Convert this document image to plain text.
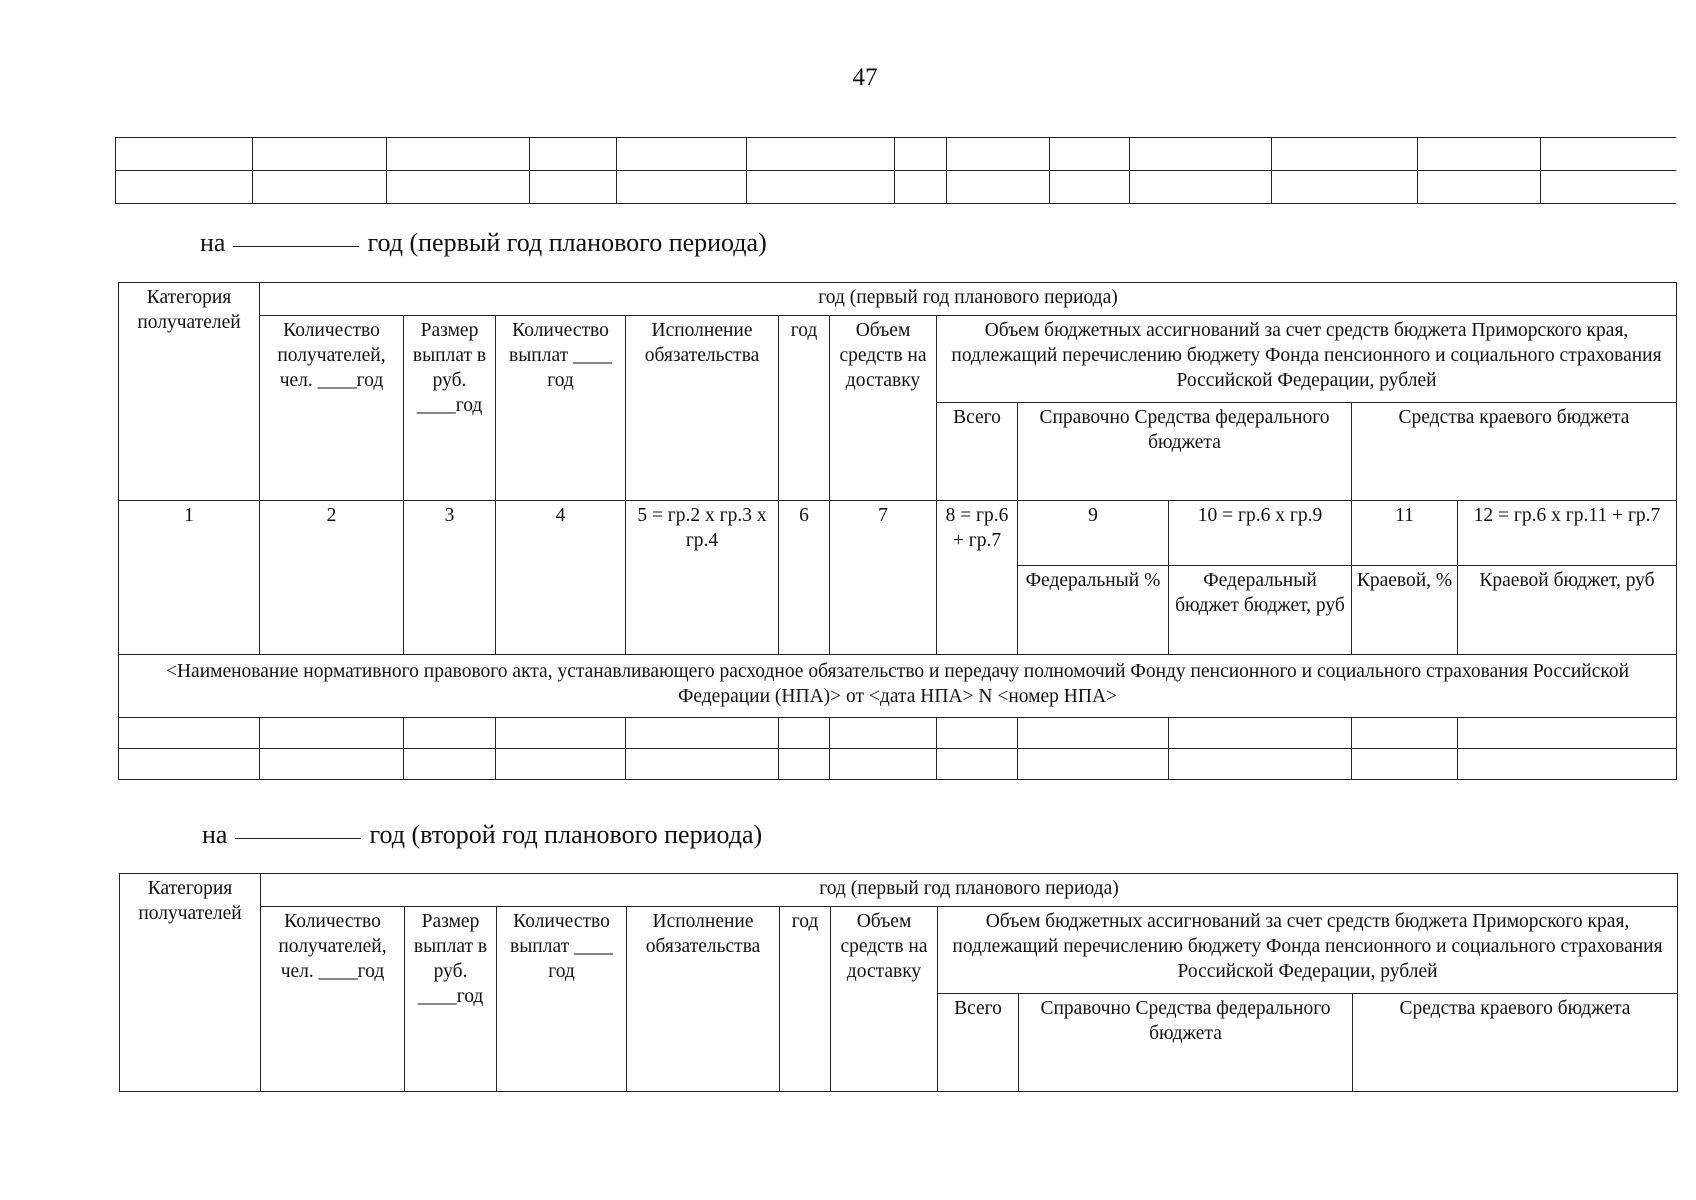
47

на	год (первый год планового периода)
Категория получателей	год (первый год планового периода)										
	Количество получателей, чел. ____год	Размер выплат в руб. ____год	Количество выплат ____ год	Исполнение обязательства	год	Объем средств на доставку	Объем бюджетных ассигнований за счет средств бюджета Приморского края, подлежащий перечислению бюджету Фонда пенсионного и социального страхования Российской Федерации, рублей				
							Всего	Справочно Средства федерального бюджета		Средства краевого бюджета	
1	2	3	4	5 = гр.2 х гр.3 х гр.4	6	7	8 = гр.6 + гр.7	9	10 = гр.6 х гр.9	11	12 = гр.6 х гр.11 + гр.7
								Федеральный %	Федеральный бюджет бюджет, руб	Краевой, %	Краевой бюджет, руб
<Наименование нормативного правового акта, устанавливающего расходное обязательство и передачу полномочий Фонду пенсионного и социального страхования Российской Федерации (НПА)> от <дата НПА> N <номер НПА>											

на	год (второй год планового периода)
Категория получателей	год (первый год планового периода)								
	Количество получателей, чел. ____год	Размер выплат в руб. ____год	Количество выплат ____ год	Исполнение обязательства	год	Объем средств на доставку	Объем бюджетных ассигнований за счет средств бюджета Приморского края, подлежащий перечислению бюджету Фонда пенсионного и социального страхования Российской Федерации, рублей		
							Всего	Справочно Средства федерального бюджета	Средства краевого бюджета
